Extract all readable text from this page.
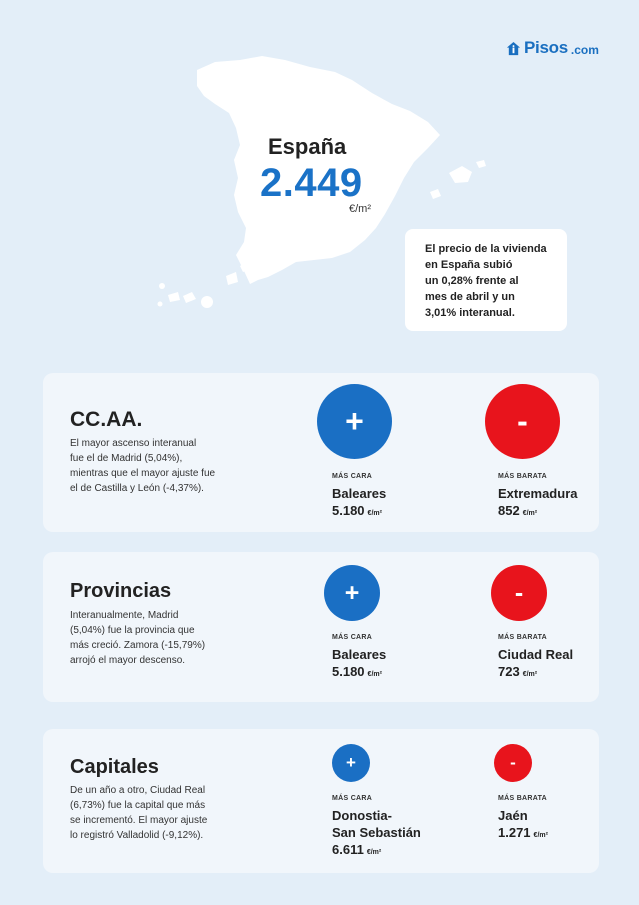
Pisos .com
España
2.449
€/m²
El precio de la vivienda
en España subió
un 0,28% frente al
mes de abril y un
3,01% interanual.
CC.AA.
El mayor ascenso interanual
fue el de Madrid (5,04%),
mientras que el mayor ajuste fue
el de Castilla y León (-4,37%).
+	-
MÁS CARA
Baleares
5.180 €/m²
MÁS BARATA
Extremadura
852 €/m²
Provincias
Interanualmente, Madrid
(5,04%) fue la provincia que
más creció. Zamora (-15,79%)
arrojó el mayor descenso.
+	-
MÁS CARA
Baleares
5.180 €/m²
MÁS BARATA
Ciudad Real
723 €/m²
Capitales
De un año a otro, Ciudad Real
(6,73%) fue la capital que más
se incrementó. El mayor ajuste
lo registró Valladolid (-9,12%).
+	-
MÁS CARA
Donostia-
San Sebastián
6.611 €/m²
MÁS BARATA
Jaén
1.271 €/m²
